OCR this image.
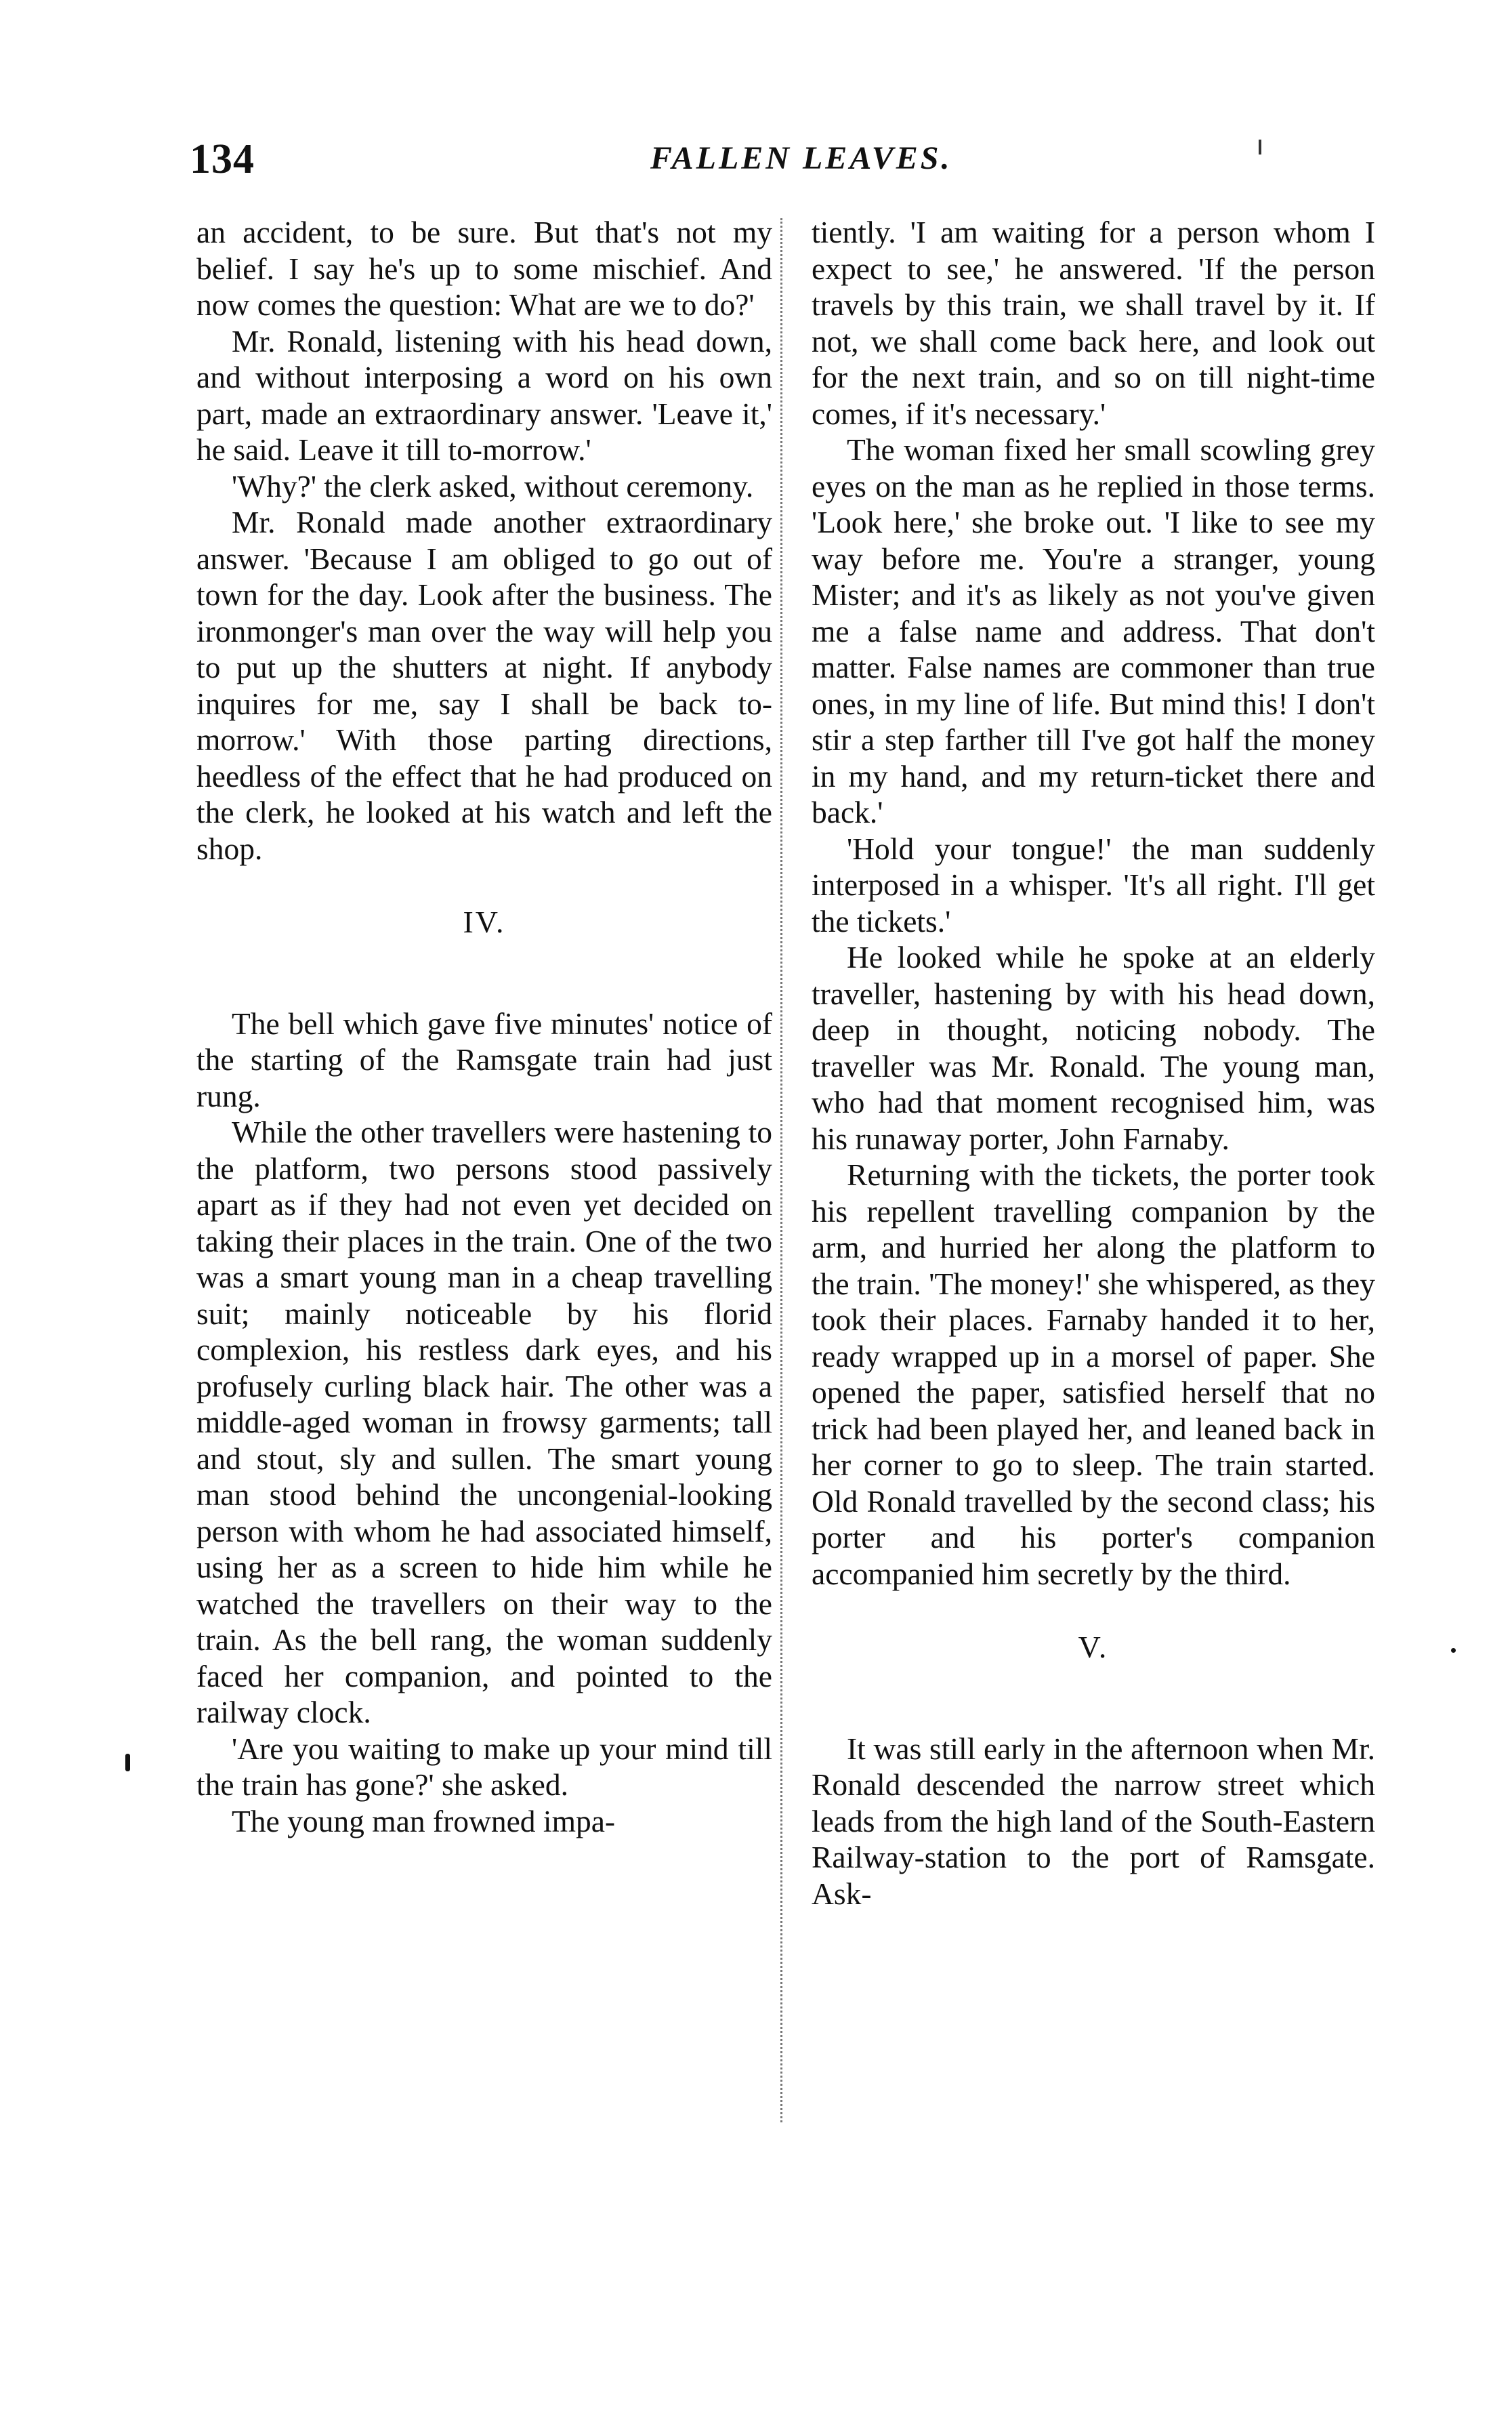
134	FALLEN LEAVES.

an accident, to be sure. But that's not my belief. I say he's up to some mischief. And now comes the question: What are we to do?'

Mr. Ronald, listening with his head down, and without interposing a word on his own part, made an extraordinary answer. 'Leave it,' he said. Leave it till to-morrow.'

'Why?' the clerk asked, without ceremony.

Mr. Ronald made another extraordinary answer. 'Because I am obliged to go out of town for the day. Look after the business. The ironmonger's man over the way will help you to put up the shutters at night. If anybody inquires for me, say I shall be back to-morrow.' With those parting directions, heedless of the effect that he had produced on the clerk, he looked at his watch and left the shop.

IV.

The bell which gave five minutes' notice of the starting of the Ramsgate train had just rung.

While the other travellers were hastening to the platform, two persons stood passively apart as if they had not even yet decided on taking their places in the train. One of the two was a smart young man in a cheap travelling suit; mainly noticeable by his florid complexion, his restless dark eyes, and his profusely curling black hair. The other was a middle-aged woman in frowsy garments; tall and stout, sly and sullen. The smart young man stood behind the uncongenial-looking person with whom he had associated himself, using her as a screen to hide him while he watched the travellers on their way to the train. As the bell rang, the woman suddenly faced her companion, and pointed to the railway clock.

'Are you waiting to make up your mind till the train has gone?' she asked.

The young man frowned impa-

tiently. 'I am waiting for a person whom I expect to see,' he answered. 'If the person travels by this train, we shall travel by it. If not, we shall come back here, and look out for the next train, and so on till night-time comes, if it's necessary.'

The woman fixed her small scowling grey eyes on the man as he replied in those terms. 'Look here,' she broke out. 'I like to see my way before me. You're a stranger, young Mister; and it's as likely as not you've given me a false name and address. That don't matter. False names are commoner than true ones, in my line of life. But mind this! I don't stir a step farther till I've got half the money in my hand, and my return-ticket there and back.'

'Hold your tongue!' the man suddenly interposed in a whisper. 'It's all right. I'll get the tickets.'

He looked while he spoke at an elderly traveller, hastening by with his head down, deep in thought, noticing nobody. The traveller was Mr. Ronald. The young man, who had that moment recognised him, was his runaway porter, John Farnaby.

Returning with the tickets, the porter took his repellent travelling companion by the arm, and hurried her along the platform to the train. 'The money!' she whispered, as they took their places. Farnaby handed it to her, ready wrapped up in a morsel of paper. She opened the paper, satisfied herself that no trick had been played her, and leaned back in her corner to go to sleep. The train started. Old Ronald travelled by the second class; his porter and his porter's companion accompanied him secretly by the third.

V.

It was still early in the afternoon when Mr. Ronald descended the narrow street which leads from the high land of the South-Eastern Railway-station to the port of Ramsgate. Ask-
